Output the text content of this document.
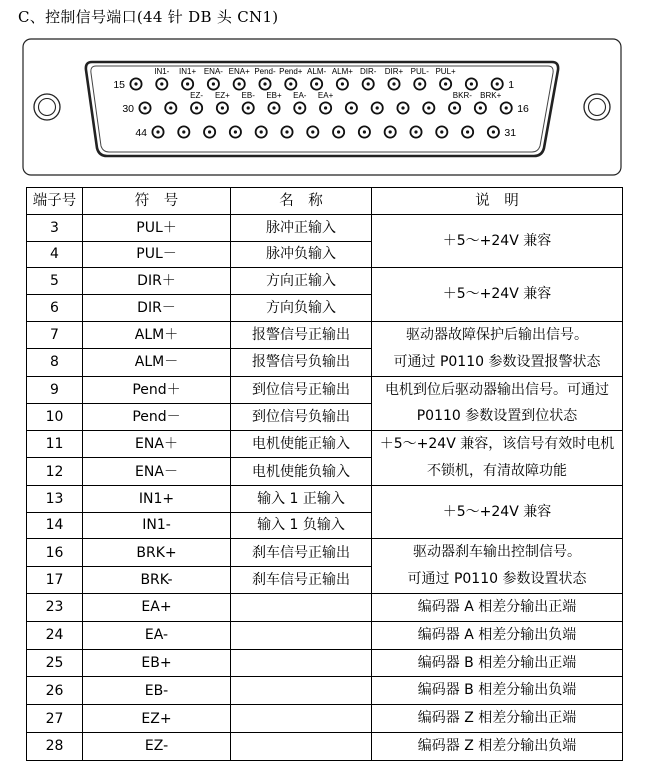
C、控制信号端口(44 针 DB 头 CN1)
15	1
IN1- IN1+ ENA- ENA+ Pend- Pend+ ALM- ALM+ DIR- DIR+ PUL- PUL+
30	16
EZ- EZ+ EB- EB+ EA- EA+	BKR- BRK+
44	31
端子号	符　号	名　称	说　明
3	PUL＋	脉冲正输入	＋5～+24V 兼容
4	PUL－	脉冲负输入	
5	DIR＋	方向正输入	＋5～+24V 兼容
6	DIR－	方向负输入	
7	ALM＋	报警信号正输出	驱动器故障保护后输出信号。
可通过 P0110 参数设置报警状态

8	ALM－	报警信号负输出	
9	Pend＋	到位信号正输出	电机到位后驱动器输出信号。可通过
P0110 参数设置到位状态

10	Pend－	到位信号负输出	
11	ENA＋	电机使能正输入	＋5～+24V 兼容，该信号有效时电机
不锁机，有清故障功能

12	ENA－	电机使能负输入	
13	IN1+	输入 1 正输入	＋5～+24V 兼容
14	IN1-	输入 1 负输入	
16	BRK+	刹车信号正输出	驱动器刹车输出控制信号。
可通过 P0110 参数设置状态

17	BRK-	刹车信号正输出	
23	EA+		编码器 A 相差分输出正端
24	EA-		编码器 A 相差分输出负端
25	EB+		编码器 B 相差分输出正端
26	EB-		编码器 B 相差分输出负端
27	EZ+		编码器 Z 相差分输出正端
28	EZ-		编码器 Z 相差分输出负端
